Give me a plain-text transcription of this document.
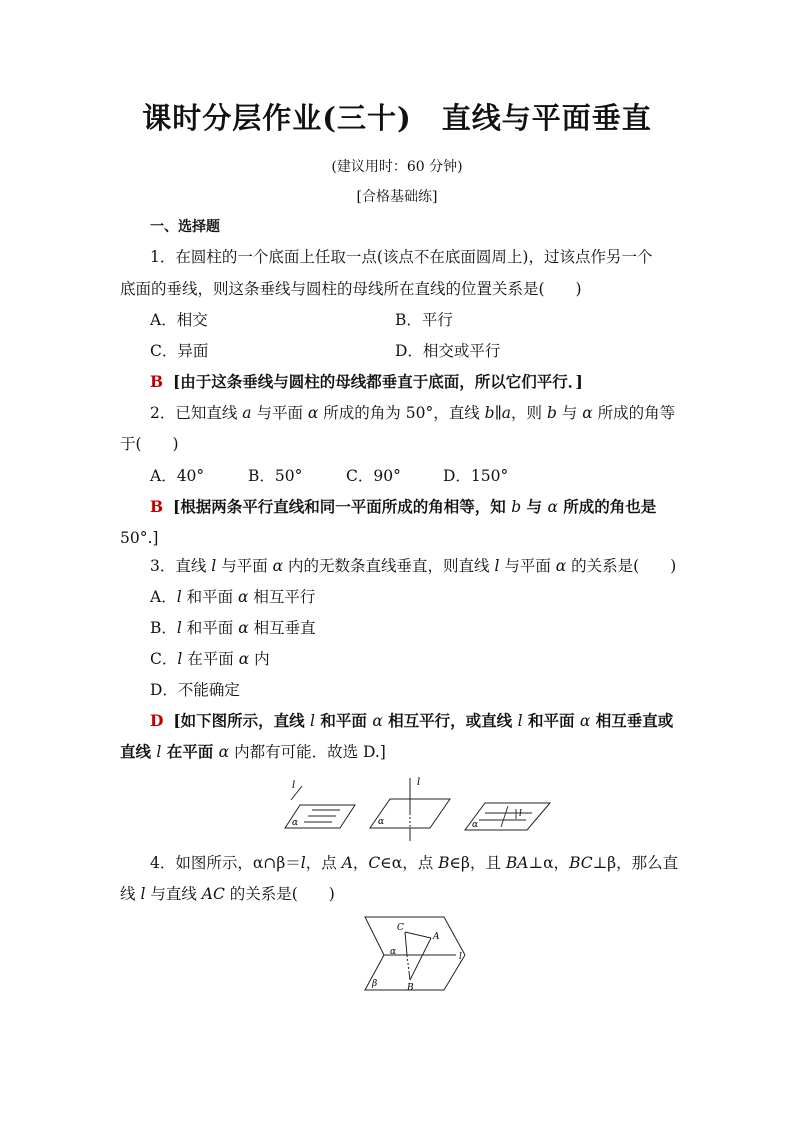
课时分层作业(三十) 直线与平面垂直
(建议用时：60 分钟)
[合格基础练]
一、选择题
1．在圆柱的一个底面上任取一点(该点不在底面圆周上)，过该点作另一个
底面的垂线，则这条垂线与圆柱的母线所在直线的位置关系是(　　)
A．相交	B．平行
C．异面	D．相交或平行
B [由于这条垂线与圆柱的母线都垂直于底面，所以它们平行．]
2．已知直线 a 与平面 α 所成的角为 50°，直线 b∥a，则 b 与 α 所成的角等
于(　　)
A．40°	B．50°	C．90°	D．150°
B [根据两条平行直线和同一平面所成的角相等，知 b 与 α 所成的角也是
50°.]
3．直线 l 与平面 α 内的无数条直线垂直，则直线 l 与平面 α 的关系是(　　)
A．l 和平面 α 相互平行
B．l 和平面 α 相互垂直
C．l 在平面 α 内
D．不能确定
D [如下图所示，直线 l 和平面 α 相互平行，或直线 l 和平面 α 相互垂直或
直线 l 在平面 α 内都有可能．故选 D.]
l
α
l
α
l
α
4．如图所示，α∩β＝l，点 A，C∈α，点 B∈β，且 BA⊥α，BC⊥β，那么直
线 l 与直线 AC 的关系是(　　)
C
A
α	l
β	B
